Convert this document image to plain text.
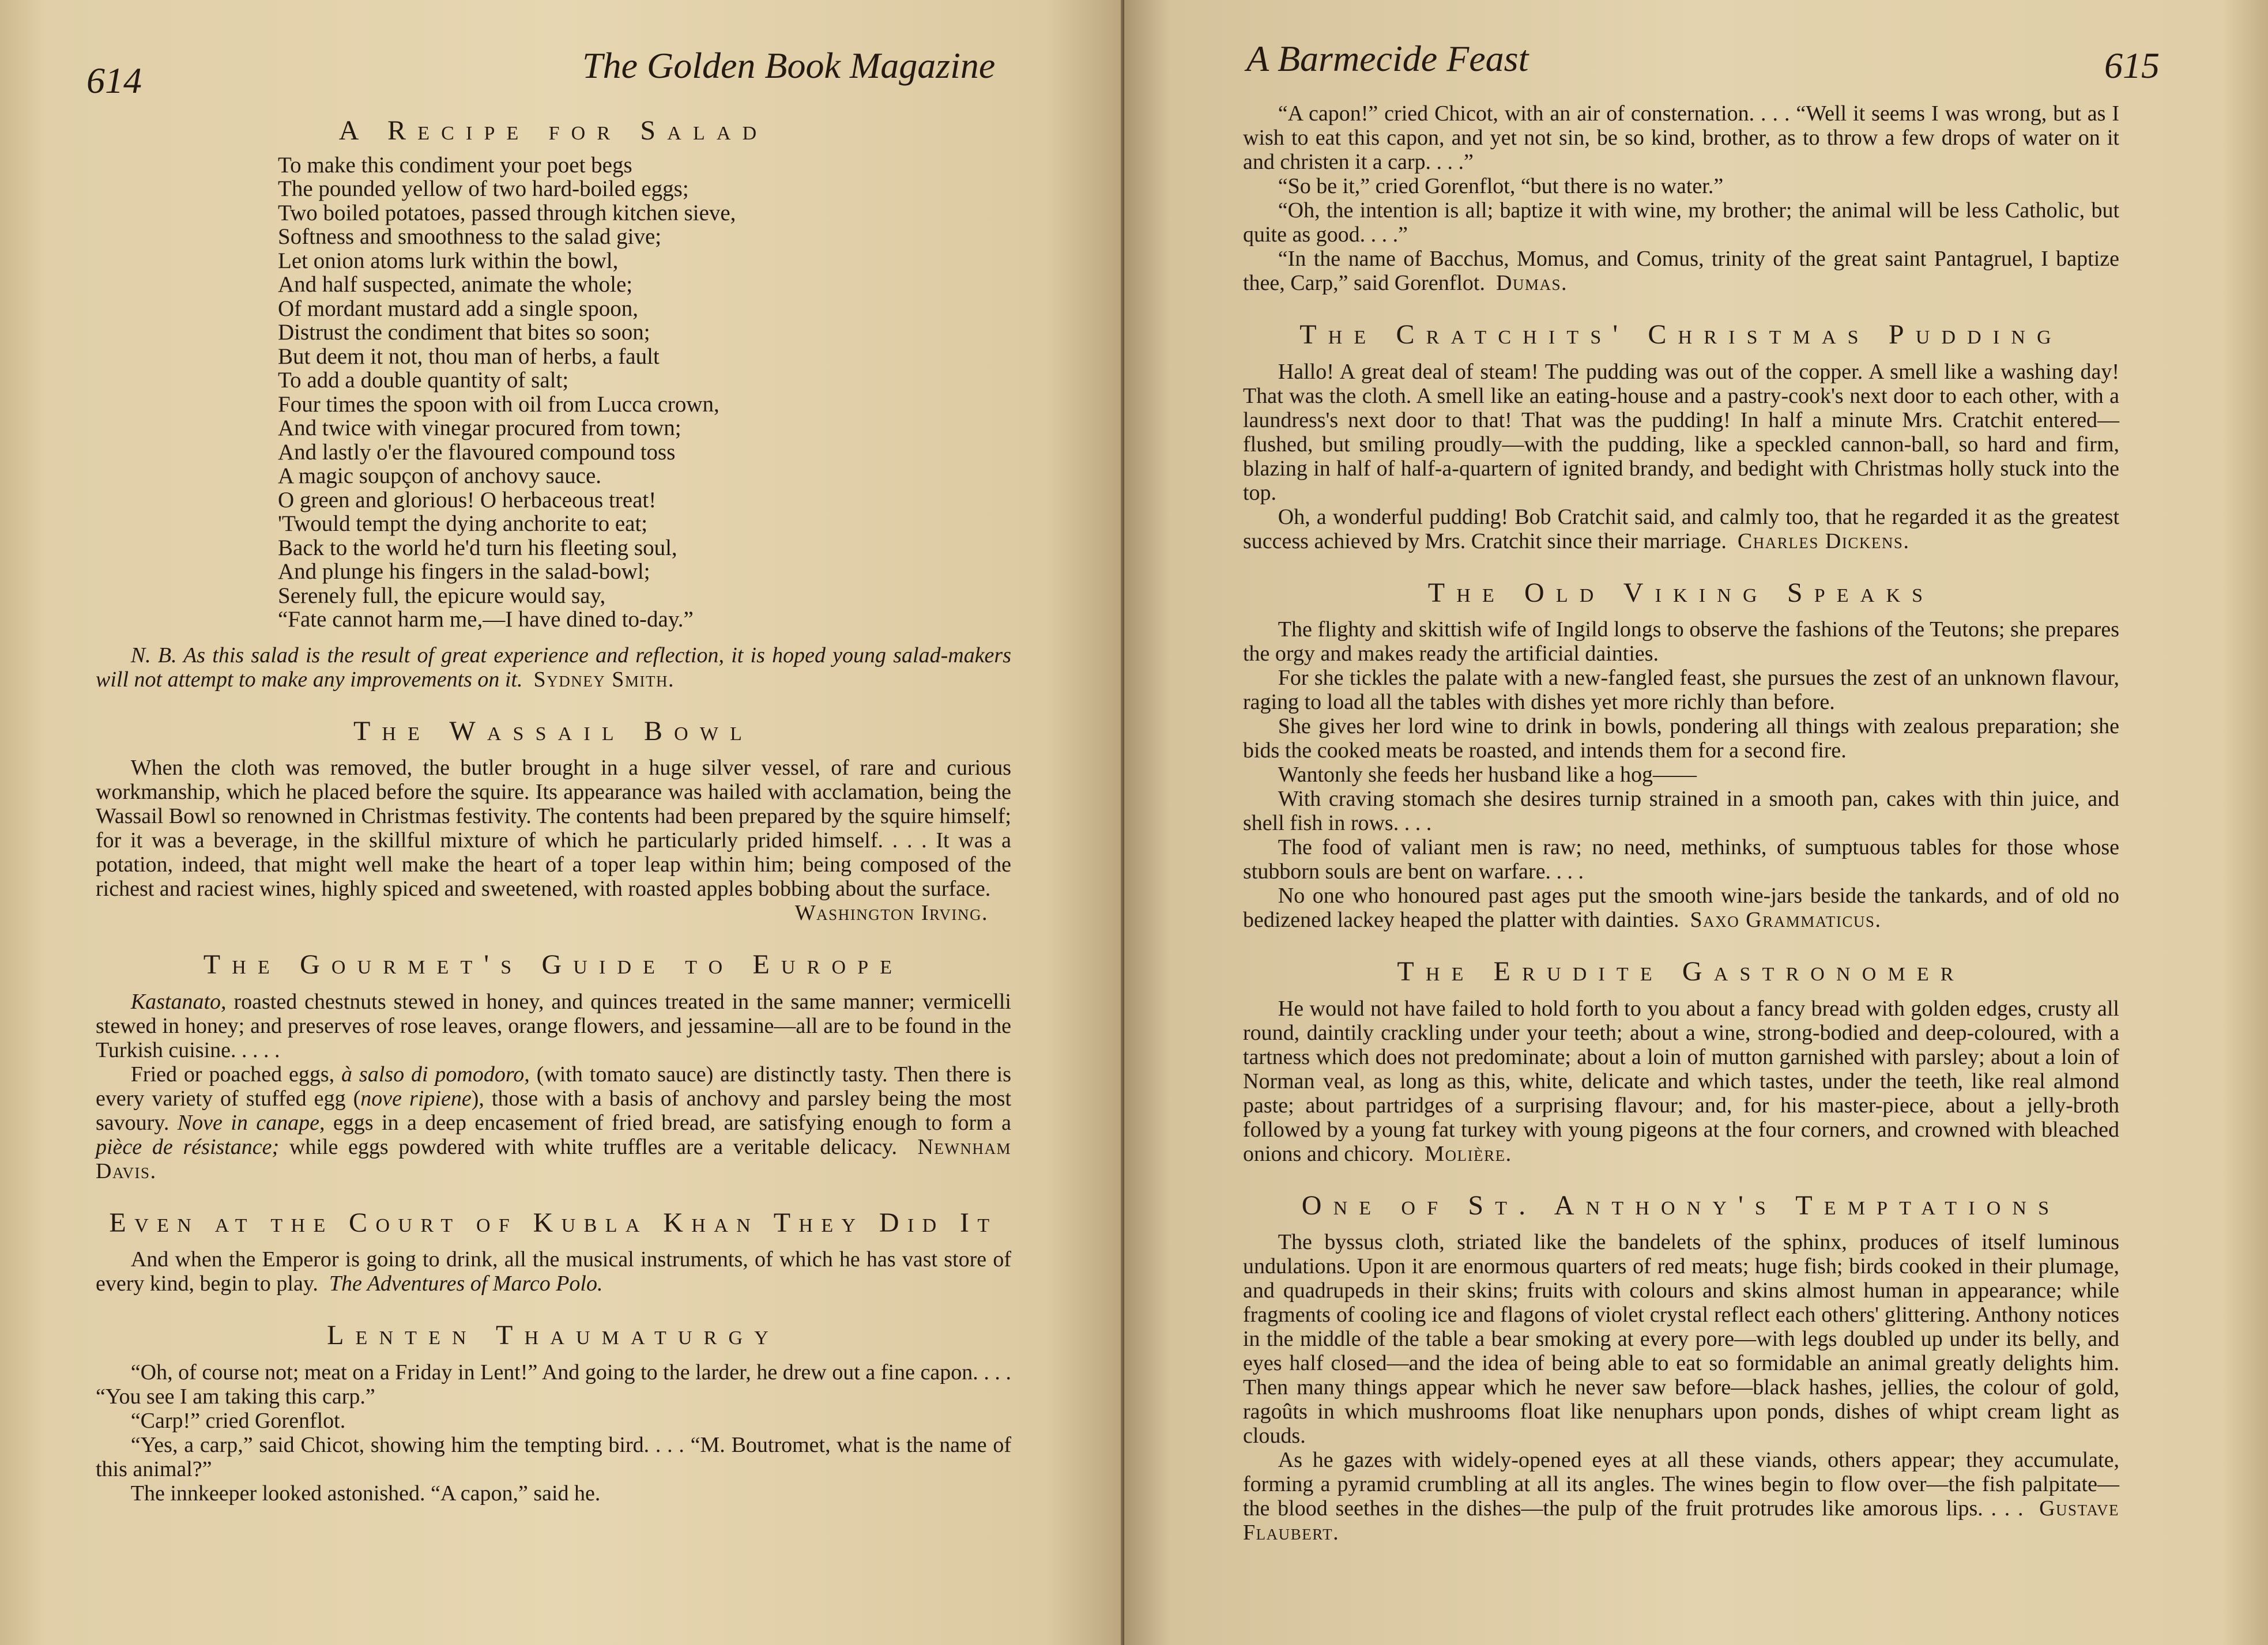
614	The Golden Book Magazine
A Recipe for Salad
To make this condiment your poet begs
The pounded yellow of two hard-boiled eggs;
Two boiled potatoes, passed through kitchen sieve,
Softness and smoothness to the salad give;
Let onion atoms lurk within the bowl,
And half suspected, animate the whole;
Of mordant mustard add a single spoon,
Distrust the condiment that bites so soon;
But deem it not, thou man of herbs, a fault
To add a double quantity of salt;
Four times the spoon with oil from Lucca crown,
And twice with vinegar procured from town;
And lastly o'er the flavoured compound toss
A magic soupçon of anchovy sauce.
O green and glorious! O herbaceous treat!
'Twould tempt the dying anchorite to eat;
Back to the world he'd turn his fleeting soul,
And plunge his fingers in the salad-bowl;
Serenely full, the epicure would say,
“Fate cannot harm me,—I have dined to-day.”

N. B. As this salad is the result of great experience and reflection, it is hoped young salad-makers will not attempt to make any improvements on it. Sydney Smith.

The Wassail Bowl

When the cloth was removed, the butler brought in a huge silver vessel, of rare and curious workmanship, which he placed before the squire. Its appearance was hailed with acclamation, being the Wassail Bowl so renowned in Christmas festivity. The contents had been prepared by the squire himself; for it was a beverage, in the skillful mixture of which he particularly prided himself. . . . It was a potation, indeed, that might well make the heart of a toper leap within him; being composed of the richest and raciest wines, highly spiced and sweetened, with roasted apples bobbing about the surface.

Washington Irving.

The Gourmet's Guide to Europe

Kastanato, roasted chestnuts stewed in honey, and quinces treated in the same manner; vermicelli stewed in honey; and preserves of rose leaves, orange flowers, and jessamine—all are to be found in the Turkish cuisine. . . . .

Fried or poached eggs, à salso di pomodoro, (with tomato sauce) are distinctly tasty. Then there is every variety of stuffed egg (nove ripiene), those with a basis of anchovy and parsley being the most savoury. Nove in canape, eggs in a deep encasement of fried bread, are satisfying enough to form a pièce de résistance; while eggs powdered with white truffles are a veritable delicacy. Newnham Davis.

Even at the Court of Kubla Khan They Did It

And when the Emperor is going to drink, all the musical instruments, of which he has vast store of every kind, begin to play. The Adventures of Marco Polo.

Lenten Thaumaturgy

“Oh, of course not; meat on a Friday in Lent!” And going to the larder, he drew out a fine capon. . . . “You see I am taking this carp.”

“Carp!” cried Gorenflot.

“Yes, a carp,” said Chicot, showing him the tempting bird. . . . “M. Boutromet, what is the name of this animal?”

The innkeeper looked astonished. “A capon,” said he.

A Barmecide Feast	615

“A capon!” cried Chicot, with an air of consternation. . . . “Well it seems I was wrong, but as I wish to eat this capon, and yet not sin, be so kind, brother, as to throw a few drops of water on it and christen it a carp. . . .”

“So be it,” cried Gorenflot, “but there is no water.”

“Oh, the intention is all; baptize it with wine, my brother; the animal will be less Catholic, but quite as good. . . .”

“In the name of Bacchus, Momus, and Comus, trinity of the great saint Pantagruel, I baptize thee, Carp,” said Gorenflot. Dumas.

The Cratchits' Christmas Pudding

Hallo! A great deal of steam! The pudding was out of the copper. A smell like a washing day! That was the cloth. A smell like an eating-house and a pastry-cook's next door to each other, with a laundress's next door to that! That was the pudding! In half a minute Mrs. Cratchit entered—flushed, but smiling proudly—with the pudding, like a speckled cannon-ball, so hard and firm, blazing in half of half-a-quartern of ignited brandy, and bedight with Christmas holly stuck into the top.

Oh, a wonderful pudding! Bob Cratchit said, and calmly too, that he regarded it as the greatest success achieved by Mrs. Cratchit since their marriage. Charles Dickens.

The Old Viking Speaks

The flighty and skittish wife of Ingild longs to observe the fashions of the Teutons; she prepares the orgy and makes ready the artificial dainties.

For she tickles the palate with a new-fangled feast, she pursues the zest of an unknown flavour, raging to load all the tables with dishes yet more richly than before.

She gives her lord wine to drink in bowls, pondering all things with zealous preparation; she bids the cooked meats be roasted, and intends them for a second fire.

Wantonly she feeds her husband like a hog——

With craving stomach she desires turnip strained in a smooth pan, cakes with thin juice, and shell fish in rows. . . .

The food of valiant men is raw; no need, methinks, of sumptuous tables for those whose stubborn souls are bent on warfare. . . .

No one who honoured past ages put the smooth wine-jars beside the tankards, and of old no bedizened lackey heaped the platter with dainties. Saxo Grammaticus.

The Erudite Gastronomer

He would not have failed to hold forth to you about a fancy bread with golden edges, crusty all round, daintily crackling under your teeth; about a wine, strong-bodied and deep-coloured, with a tartness which does not predominate; about a loin of mutton garnished with parsley; about a loin of Norman veal, as long as this, white, delicate and which tastes, under the teeth, like real almond paste; about partridges of a surprising flavour; and, for his master-piece, about a jelly-broth followed by a young fat turkey with young pigeons at the four corners, and crowned with bleached onions and chicory. Molière.

One of St. Anthony's Temptations

The byssus cloth, striated like the bandelets of the sphinx, produces of itself luminous undulations. Upon it are enormous quarters of red meats; huge fish; birds cooked in their plumage, and quadrupeds in their skins; fruits with colours and skins almost human in appearance; while fragments of cooling ice and flagons of violet crystal reflect each others' glittering. Anthony notices in the middle of the table a bear smoking at every pore—with legs doubled up under its belly, and eyes half closed—and the idea of being able to eat so formidable an animal greatly delights him. Then many things appear which he never saw before—black hashes, jellies, the colour of gold, ragoûts in which mushrooms float like nenuphars upon ponds, dishes of whipt cream light as clouds.

As he gazes with widely-opened eyes at all these viands, others appear; they accumulate, forming a pyramid crumbling at all its angles. The wines begin to flow over—the fish palpitate—the blood seethes in the dishes—the pulp of the fruit protrudes like amorous lips. . . . Gustave Flaubert.
